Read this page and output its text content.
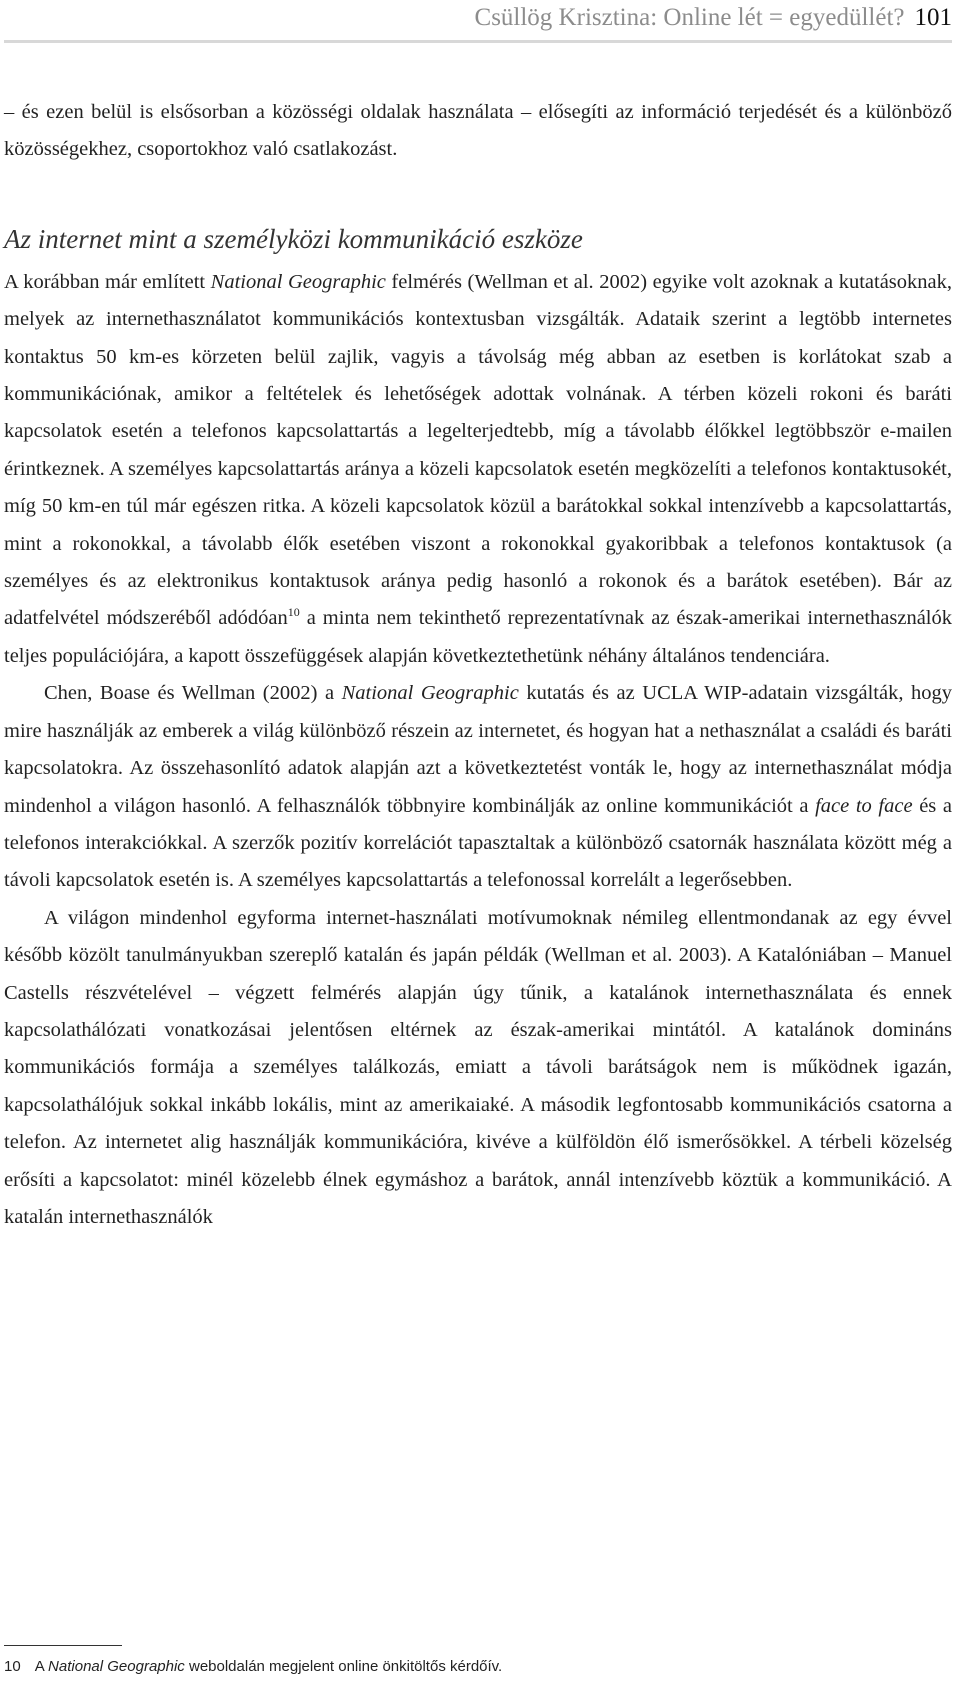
Csüllög Krisztina: Online lét = egyedüllét? 101

– és ezen belül is elsősorban a közösségi oldalak használata – elősegíti az információ terjedését és a különböző közösségekhez, csoportokhoz való csatlakozást.

Az internet mint a személyközi kommunikáció eszköze

A korábban már említett National Geographic felmérés (Wellman et al. 2002) egyike volt azoknak a kutatásoknak, melyek az internethasználatot kommunikációs kontextusban vizsgálták. Adataik szerint a legtöbb internetes kontaktus 50 km-es körzeten belül zajlik, vagyis a távolság még abban az esetben is korlátokat szab a kommunikációnak, amikor a feltételek és lehetőségek adottak volnának. A térben közeli rokoni és baráti kapcsolatok esetén a telefonos kapcsolattartás a legelterjedtebb, míg a távolabb élőkkel legtöbbször e-mailen érintkeznek. A személyes kapcsolattartás aránya a közeli kapcsolatok esetén megközelíti a telefonos kontaktusokét, míg 50 km-en túl már egészen ritka. A közeli kapcsolatok közül a barátokkal sokkal intenzívebb a kapcsolattartás, mint a rokonokkal, a távolabb élők esetében viszont a rokonokkal gyakoribbak a telefonos kontaktusok (a személyes és az elektronikus kontaktusok aránya pedig hasonló a rokonok és a barátok esetében). Bár az adatfelvétel módszeréből adódóan$^{10}$ a minta nem tekinthető reprezentatívnak az észak-amerikai internethasználók teljes populációjára, a kapott összefüggések alapján következtethetünk néhány általános tendenciára.

Chen, Boase és Wellman (2002) a National Geographic kutatás és az UCLA WIP-adatain vizsgálták, hogy mire használják az emberek a világ különböző részein az internetet, és hogyan hat a nethasználat a családi és baráti kapcsolatokra. Az összehasonlító adatok alapján azt a következtetést vonták le, hogy az internethasználat módja mindenhol a világon hasonló. A felhasználók többnyire kombinálják az online kommunikációt a face to face és a telefonos interakciókkal. A szerzők pozitív korrelációt tapasztaltak a különböző csatornák használata között még a távoli kapcsolatok esetén is. A személyes kapcsolattartás a telefonossal korrelált a legerősebben.

A világon mindenhol egyforma internet-használati motívumoknak némileg ellentmondanak az egy évvel később közölt tanulmányukban szereplő katalán és japán példák (Wellman et al. 2003). A Katalóniában – Manuel Castells részvételével – végzett felmérés alapján úgy tűnik, a katalánok internethasználata és ennek kapcsolathálózati vonatkozásai jelentősen eltérnek az észak-amerikai mintától. A katalánok domináns kommunikációs formája a személyes találkozás, emiatt a távoli barátságok nem is működnek igazán, kapcsolathálójuk sokkal inkább lokális, mint az amerikaiaké. A második legfontosabb kommunikációs csatorna a telefon. Az internetet alig használják kommunikációra, kivéve a külföldön élő ismerősökkel. A térbeli közelség erősíti a kapcsolatot: minél közelebb élnek egymáshoz a barátok, annál intenzívebb köztük a kommunikáció. A katalán internethasználók

10 A National Geographic weboldalán megjelent online önkitöltős kérdőív.
